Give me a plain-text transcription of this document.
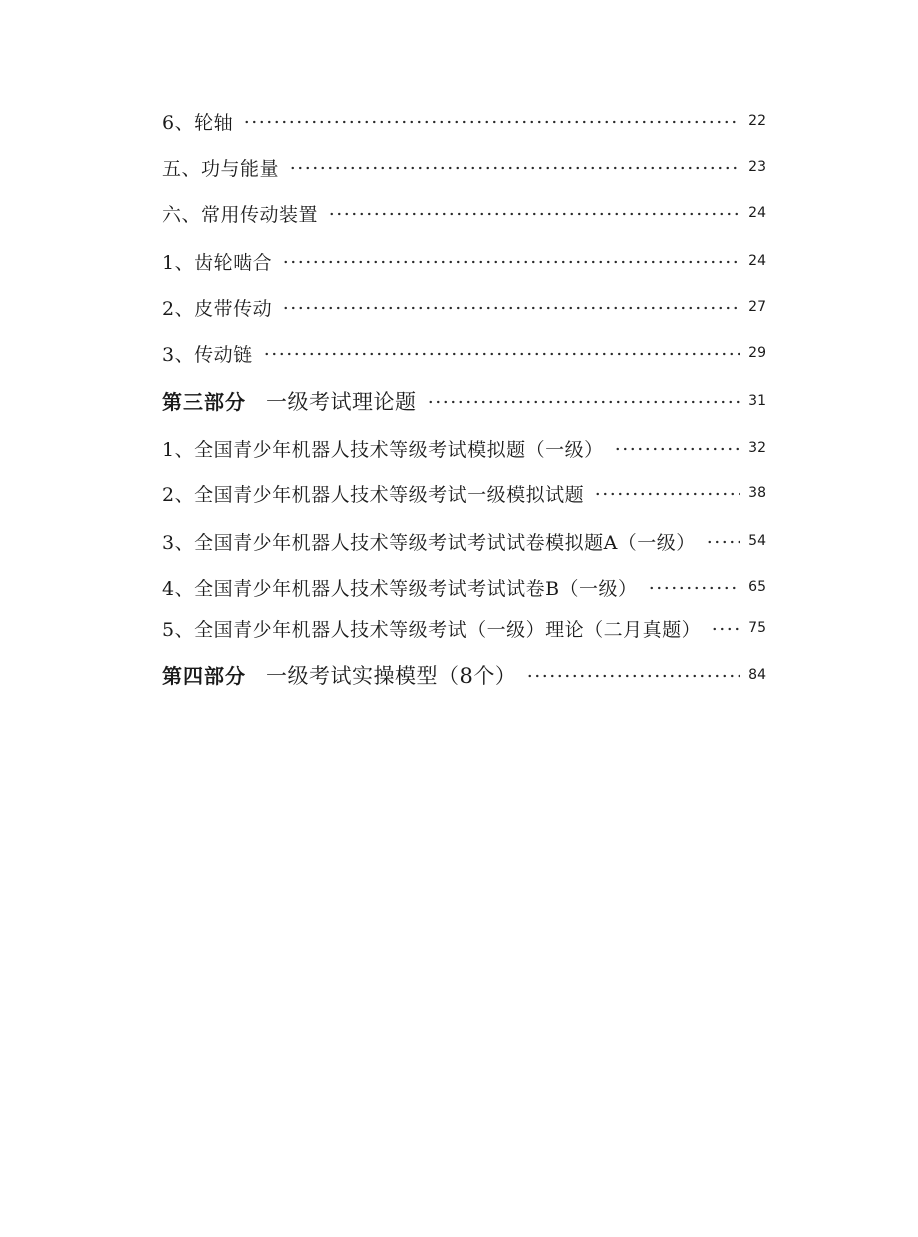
6、轮轴	22
五、功与能量	23
六、常用传动装置	24
1、齿轮啮合	24
2、皮带传动	27
3、传动链	29
第三部分 一级考试理论题	31
1、全国青少年机器人技术等级考试模拟题（一级）	32
2、全国青少年机器人技术等级考试一级模拟试题	38
3、全国青少年机器人技术等级考试考试试卷模拟题A（一级）	54
4、全国青少年机器人技术等级考试考试试卷B（一级）	65
5、全国青少年机器人技术等级考试（一级）理论（二月真题）	75
第四部分 一级考试实操模型（8个）	84
